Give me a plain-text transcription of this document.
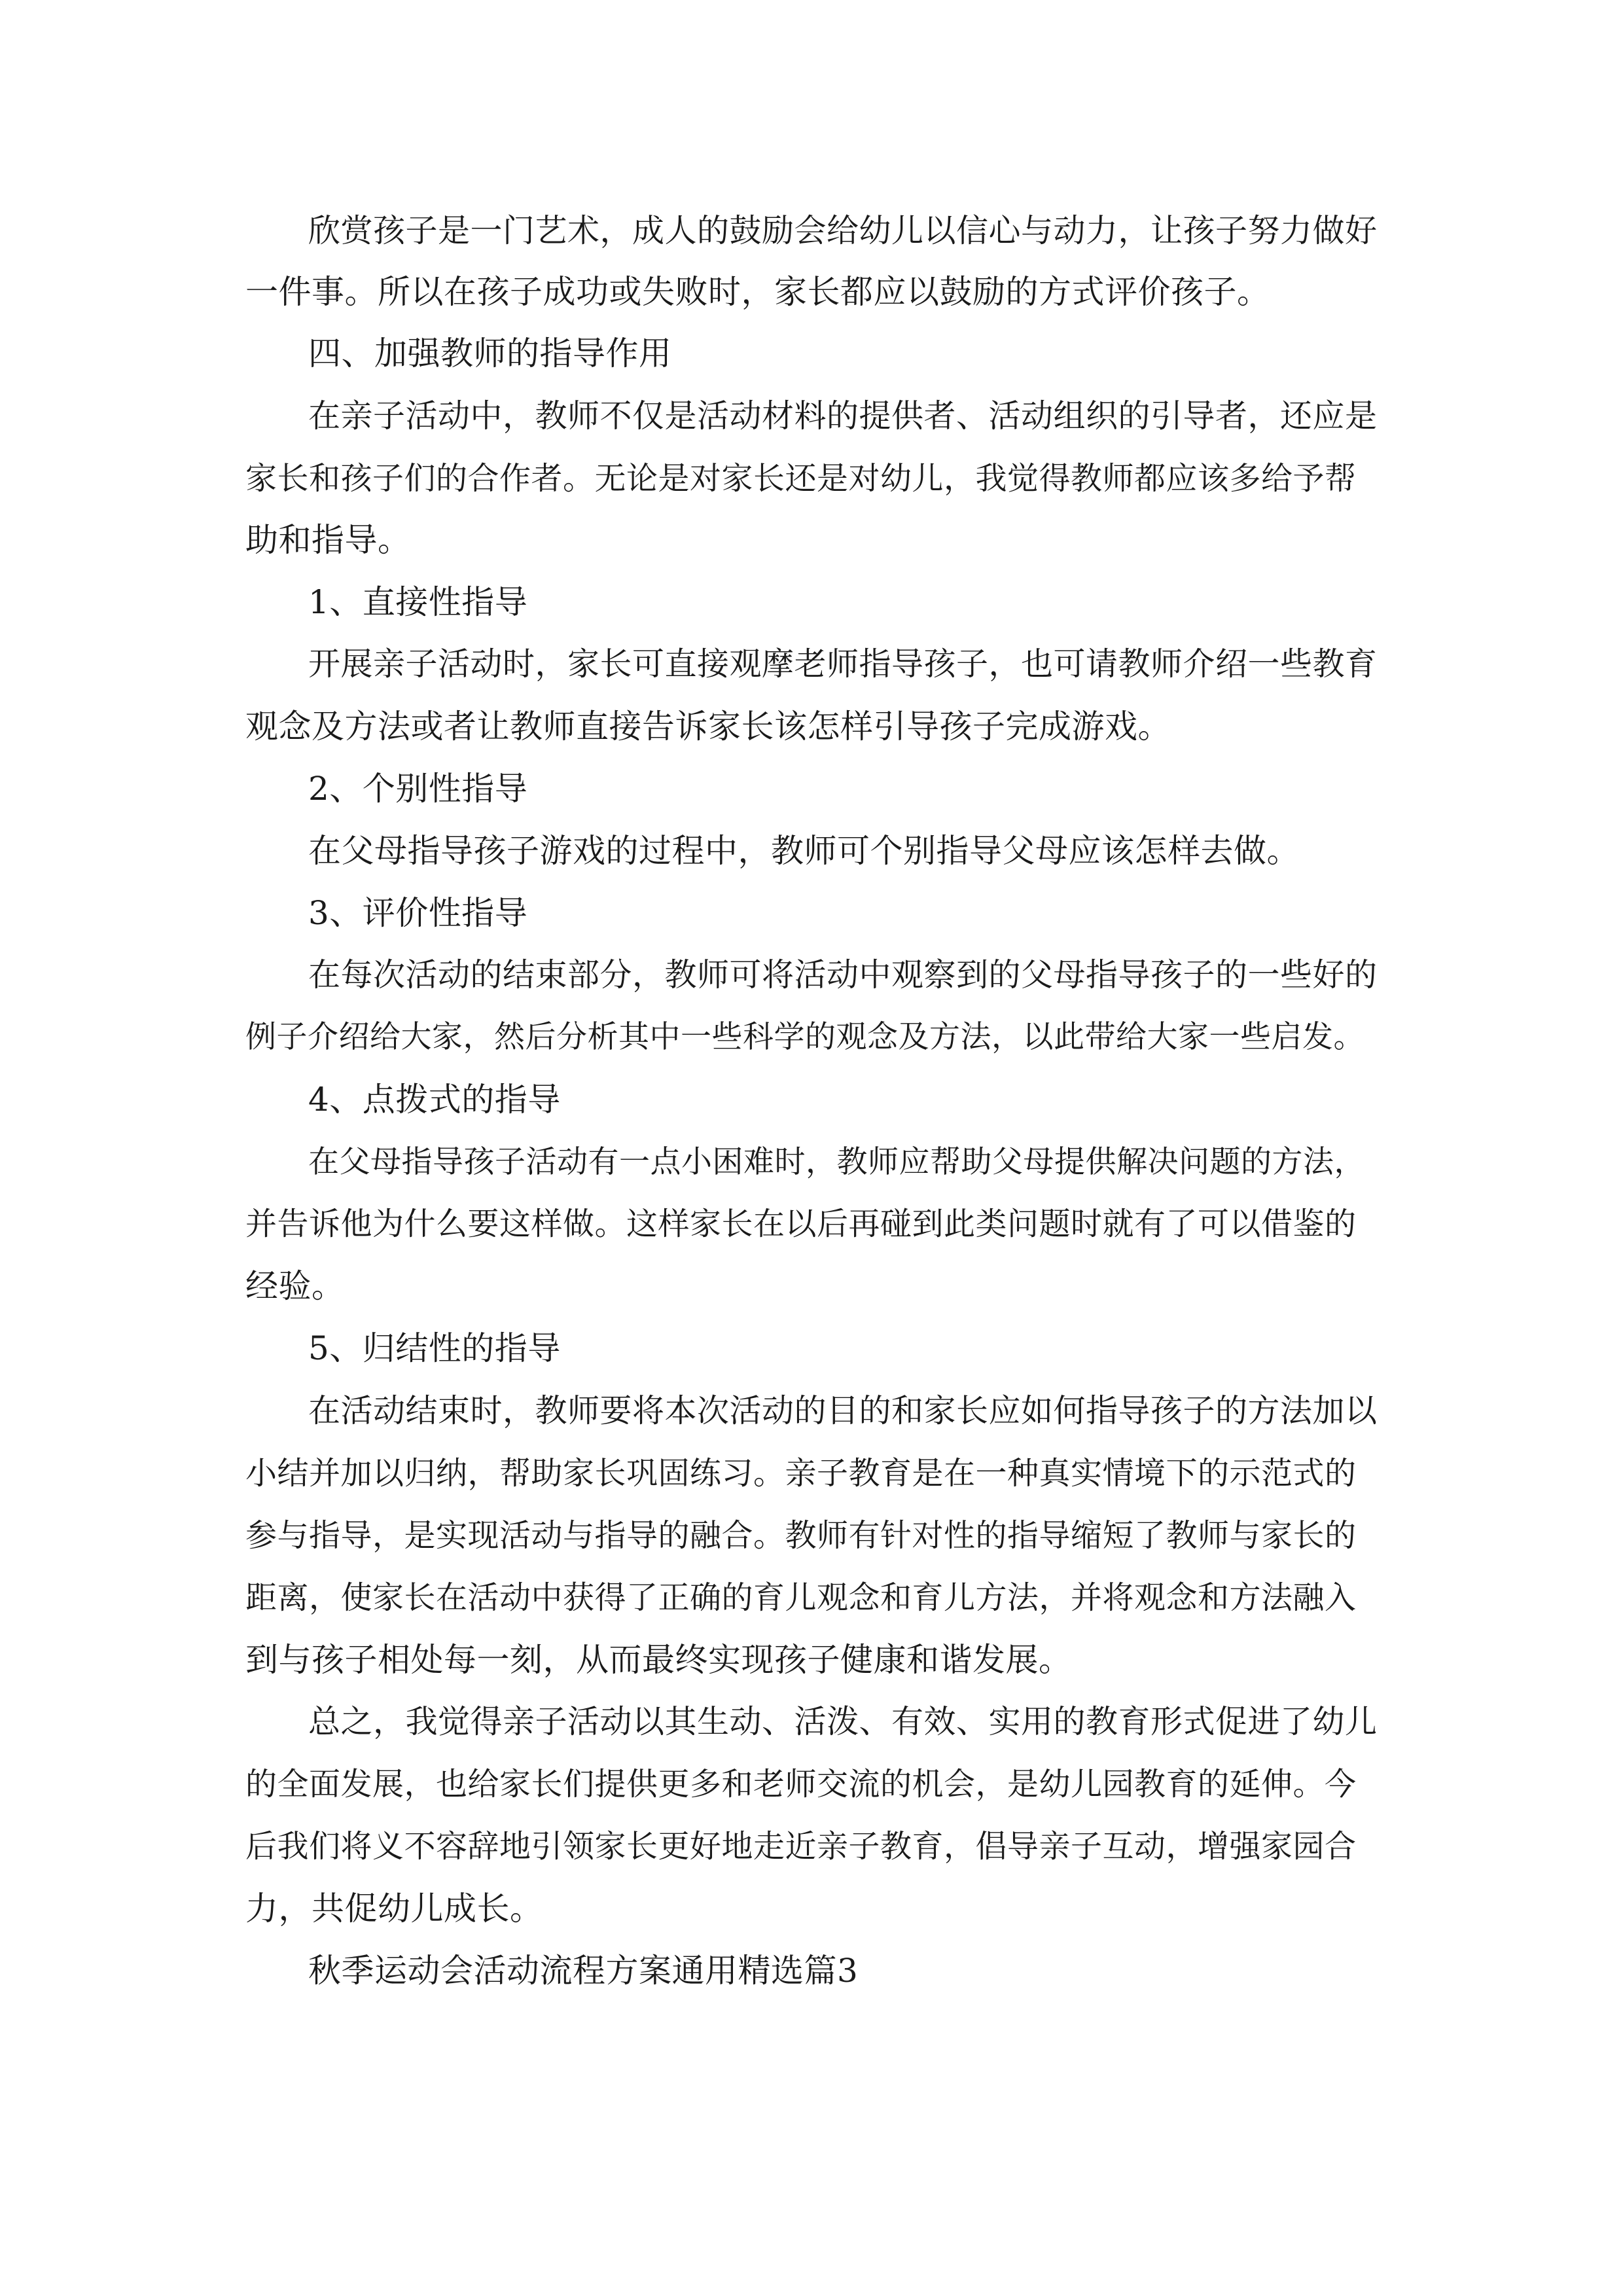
欣赏孩子是一门艺术，成人的鼓励会给幼儿以信心与动力，让孩子努力做好
一件事。所以在孩子成功或失败时，家长都应以鼓励的方式评价孩子。
四、加强教师的指导作用
在亲子活动中，教师不仅是活动材料的提供者、活动组织的引导者，还应是
家长和孩子们的合作者。无论是对家长还是对幼儿，我觉得教师都应该多给予帮
助和指导。
1、直接性指导
开展亲子活动时，家长可直接观摩老师指导孩子，也可请教师介绍一些教育
观念及方法或者让教师直接告诉家长该怎样引导孩子完成游戏。
2、个别性指导
在父母指导孩子游戏的过程中，教师可个别指导父母应该怎样去做。
3、评价性指导
在每次活动的结束部分，教师可将活动中观察到的父母指导孩子的一些好的
例子介绍给大家，然后分析其中一些科学的观念及方法，以此带给大家一些启发。
4、点拨式的指导
在父母指导孩子活动有一点小困难时，教师应帮助父母提供解决问题的方法，
并告诉他为什么要这样做。这样家长在以后再碰到此类问题时就有了可以借鉴的
经验。
5、归结性的指导
在活动结束时，教师要将本次活动的目的和家长应如何指导孩子的方法加以
小结并加以归纳，帮助家长巩固练习。亲子教育是在一种真实情境下的示范式的
参与指导，是实现活动与指导的融合。教师有针对性的指导缩短了教师与家长的
距离，使家长在活动中获得了正确的育儿观念和育儿方法，并将观念和方法融入
到与孩子相处每一刻，从而最终实现孩子健康和谐发展。
总之，我觉得亲子活动以其生动、活泼、有效、实用的教育形式促进了幼儿
的全面发展，也给家长们提供更多和老师交流的机会，是幼儿园教育的延伸。今
后我们将义不容辞地引领家长更好地走近亲子教育，倡导亲子互动，增强家园合
力，共促幼儿成长。
秋季运动会活动流程方案通用精选篇3
